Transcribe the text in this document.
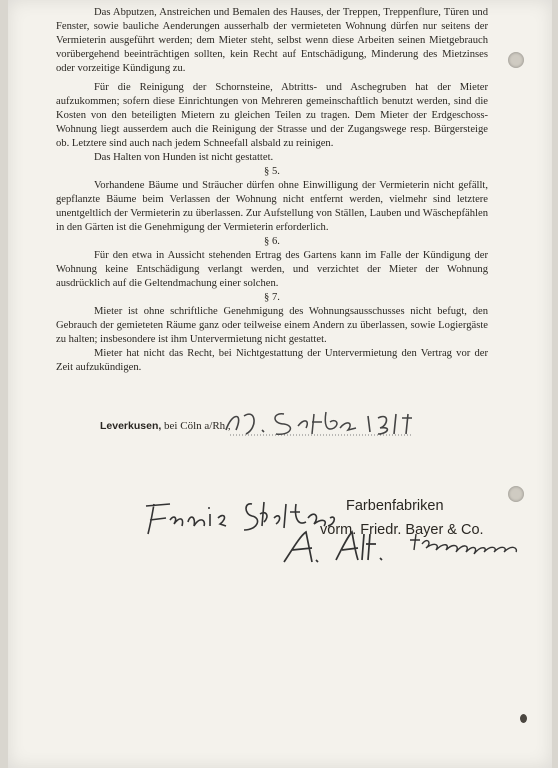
Das Abputzen, Anstreichen und Bemalen des Hauses, der Treppen, Treppenflure, Türen und Fenster, sowie bauliche Aenderungen ausserhalb der vermieteten Wohnung dürfen nur seitens der Vermieterin ausgeführt werden; dem Mieter steht, selbst wenn diese Arbeiten seinen Mietgebrauch vorübergehend beeinträchtigen sollten, kein Recht auf Entschädigung, Minderung des Mietzinses oder vorzeitige Kündigung zu.

Für die Reinigung der Schornsteine, Abtritts- und Aschegruben hat der Mieter aufzukommen; sofern diese Einrichtungen von Mehreren gemeinschaftlich benutzt werden, sind die Kosten von den beteiligten Mietern zu gleichen Teilen zu tragen. Dem Mieter der Erdgeschoss-Wohnung liegt ausserdem auch die Reinigung der Strasse und der Zugangswege resp. Bürgersteige ob. Letztere sind auch nach jedem Schneefall alsbald zu reinigen.

Das Halten von Hunden ist nicht gestattet.

§ 5.

Vorhandene Bäume und Sträucher dürfen ohne Einwilligung der Vermieterin nicht gefällt, gepflanzte Bäume beim Verlassen der Wohnung nicht entfernt werden, vielmehr sind letztere unentgeltlich der Vermieterin zu überlassen. Zur Aufstellung von Ställen, Lauben und Wäschepfählen in den Gärten ist die Genehmigung der Vermieterin erforderlich.

§ 6.

Für den etwa in Aussicht stehenden Ertrag des Gartens kann im Falle der Kündigung der Wohnung keine Entschädigung verlangt werden, und verzichtet der Mieter der Wohnung ausdrücklich auf die Geltendmachung einer solchen.

§ 7.

Mieter ist ohne schriftliche Genehmigung des Wohnungsausschusses nicht befugt, den Gebrauch der gemieteten Räume ganz oder teilweise einem Andern zu überlassen, sowie Logiergäste zu halten; insbesondere ist ihm Untervermietung nicht gestattet.

Mieter hat nicht das Recht, bei Nichtgestattung der Untervermietung den Vertrag vor der Zeit aufzukündigen.

Leverkusen, bei Cöln a/Rh.,
Farbenfabriken
vorm. Friedr. Bayer & Co.
